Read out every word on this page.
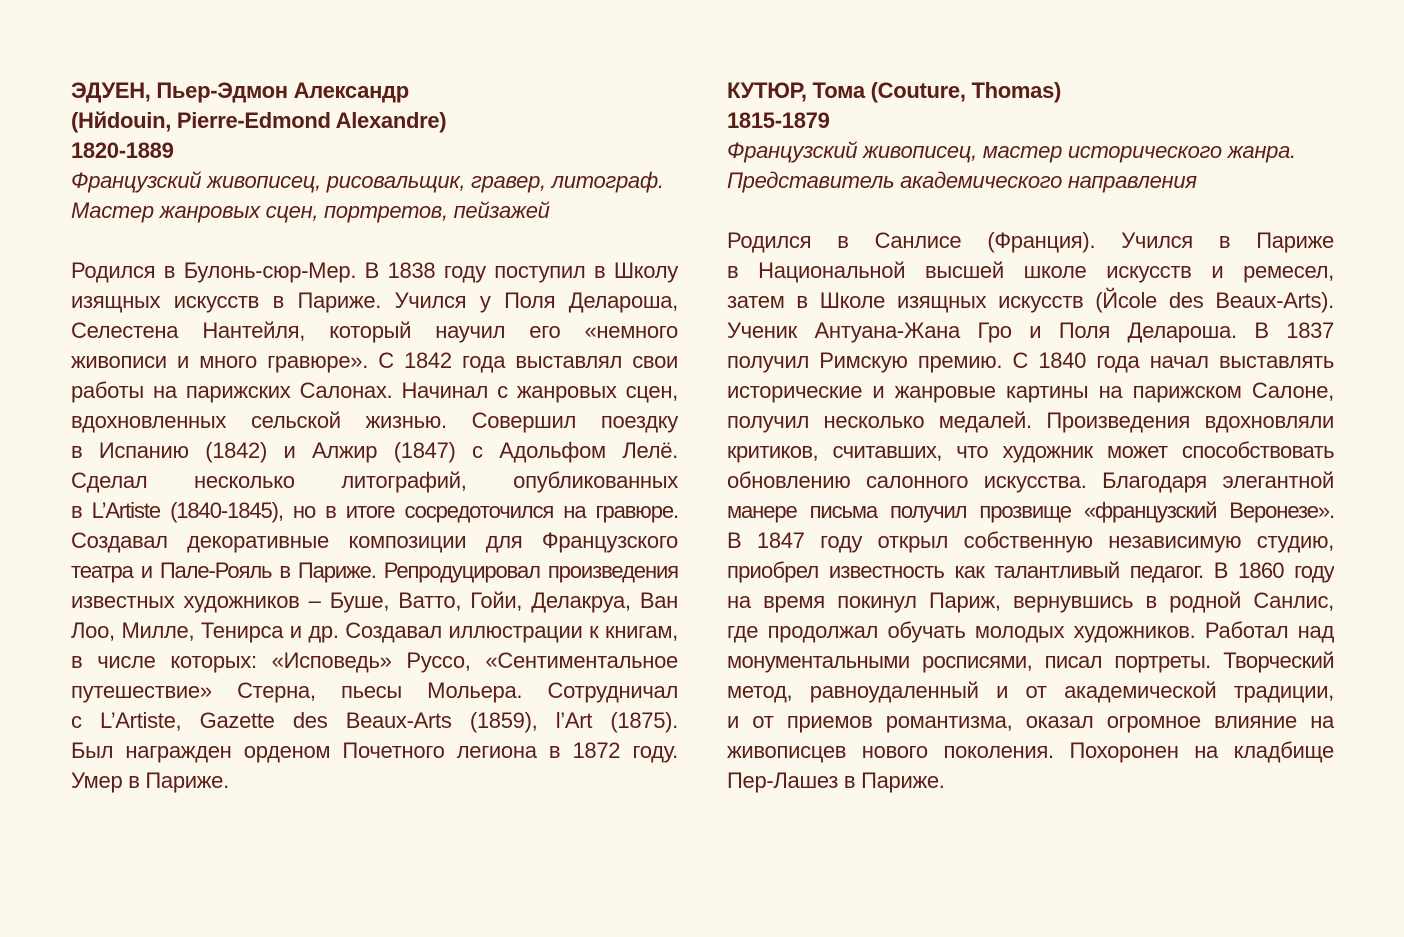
ЭДУЕН, Пьер-Эдмон Александр
(Hйdouin, Pierre-Edmond Alexandre)
1820-1889
Французский живописец, рисовальщик, гравер, литограф.
Мастер жанровых сцен, портретов, пейзажей
Родился в Булонь-сюр-Мер. В 1838 году поступил в Школу
изящных искусств в Париже. Учился у Поля Делароша,
Селестена Нантейля, который научил его «немного
живописи и много гравюре». С 1842 года выставлял свои
работы на парижских Салонах. Начинал с жанровых сцен,
вдохновленных сельской жизнью. Совершил поездку
в Испанию (1842) и Алжир (1847) с Адольфом Лелё.
Сделал несколько литографий, опубликованных
в L’Artiste (1840-1845), но в итоге сосредоточился на гравюре.
Создавал декоративные композиции для Французского
театра и Пале-Рояль в Париже. Репродуцировал произведения
известных художников – Буше, Ватто, Гойи, Делакруа, Ван
Лоо, Милле, Тенирса и др. Создавал иллюстрации к книгам,
в числе которых: «Исповедь» Руссо, «Сентиментальное
путешествие» Стерна, пьесы Мольера. Сотрудничал
с L’Artiste, Gazette des Beaux-Arts (1859), l’Art (1875).
Был награжден орденом Почетного легиона в 1872 году.
Умер в Париже.
КУТЮР, Тома (Couture, Thomas)
1815-1879
Французский живописец, мастер исторического жанра.
Представитель академического направления
Родился в Санлисе (Франция). Учился в Париже
в Национальной высшей школе искусств и ремесел,
затем в Школе изящных искусств (Йcole des Beaux-Arts).
Ученик Антуана-Жана Гро и Поля Делароша. В 1837
получил Римскую премию. С 1840 года начал выставлять
исторические и жанровые картины на парижском Салоне,
получил несколько медалей. Произведения вдохновляли
критиков, считавших, что художник может способствовать
обновлению салонного искусства. Благодаря элегантной
манере письма получил прозвище «французский Веронезе».
В 1847 году открыл собственную независимую студию,
приобрел известность как талантливый педагог. В 1860 году
на время покинул Париж, вернувшись в родной Санлис,
где продолжал обучать молодых художников. Работал над
монументальными росписями, писал портреты. Творческий
метод, равноудаленный и от академической традиции,
и от приемов романтизма, оказал огромное влияние на
живописцев нового поколения. Похоронен на кладбище
Пер-Лашез в Париже.
